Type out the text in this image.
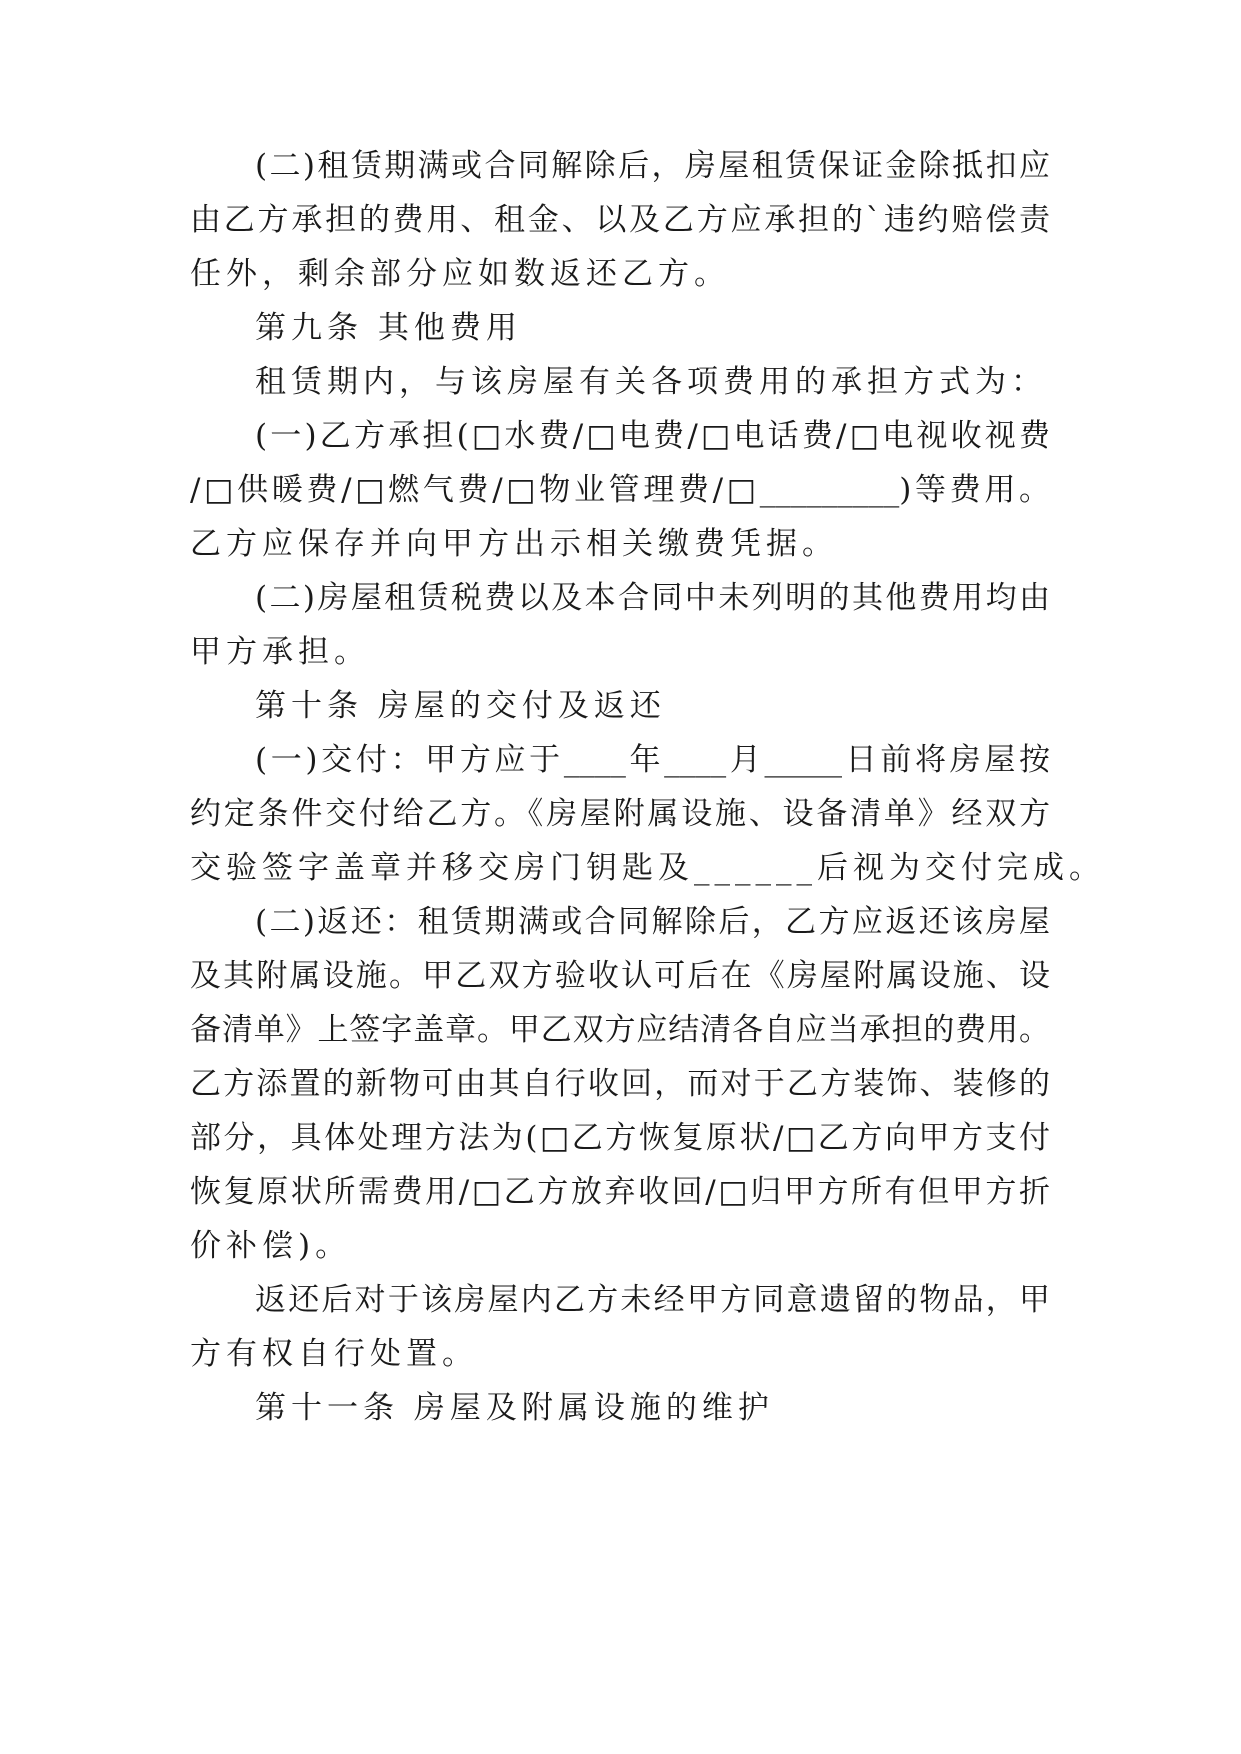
(二)租赁期满或合同解除后，房屋租赁保证金除抵扣应
由乙方承担的费用、租金、以及乙方应承担的`违约赔偿责
任外，剩余部分应如数返还乙方。
第九条 其他费用
租赁期内，与该房屋有关各项费用的承担方式为：
(一)乙方承担(□水费/□电费/□电话费/□电视收视费
/□供暖费/□燃气费/□物业管理费/□_________)等费用。
乙方应保存并向甲方出示相关缴费凭据。
(二)房屋租赁税费以及本合同中未列明的其他费用均由
甲方承担。
第十条 房屋的交付及返还
(一)交付：甲方应于____年____月_____日前将房屋按
约定条件交付给乙方。《房屋附属设施、设备清单》经双方
交验签字盖章并移交房门钥匙及______后视为交付完成。
(二)返还：租赁期满或合同解除后，乙方应返还该房屋
及其附属设施。甲乙双方验收认可后在《房屋附属设施、设
备清单》上签字盖章。甲乙双方应结清各自应当承担的费用。
乙方添置的新物可由其自行收回，而对于乙方装饰、装修的
部分，具体处理方法为(□乙方恢复原状/□乙方向甲方支付
恢复原状所需费用/□乙方放弃收回/□归甲方所有但甲方折
价补偿)。
返还后对于该房屋内乙方未经甲方同意遗留的物品，甲
方有权自行处置。
第十一条 房屋及附属设施的维护
